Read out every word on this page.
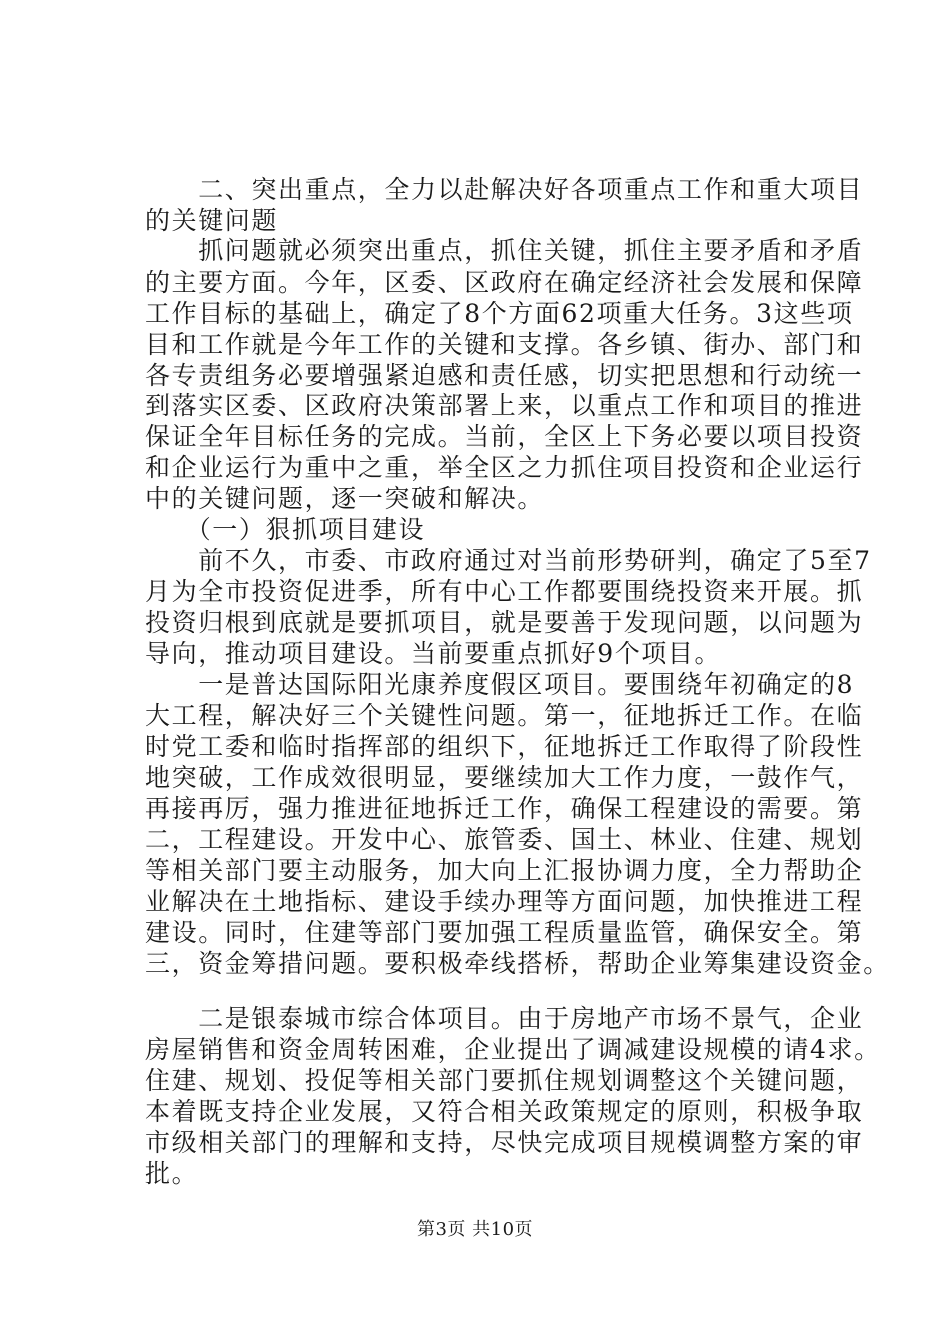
　　二、突出重点，全力以赴解决好各项重点工作和重大项目
的关键问题
　　抓问题就必须突出重点，抓住关键，抓住主要矛盾和矛盾
的主要方面。今年，区委、区政府在确定经济社会发展和保障
工作目标的基础上，确定了8个方面62项重大任务。3这些项
目和工作就是今年工作的关键和支撑。各乡镇、街办、部门和
各专责组务必要增强紧迫感和责任感，切实把思想和行动统一
到落实区委、区政府决策部署上来，以重点工作和项目的推进
保证全年目标任务的完成。当前，全区上下务必要以项目投资
和企业运行为重中之重，举全区之力抓住项目投资和企业运行
中的关键问题，逐一突破和解决。
　　（一）狠抓项目建设
　　前不久，市委、市政府通过对当前形势研判，确定了5至7
月为全市投资促进季，所有中心工作都要围绕投资来开展。抓
投资归根到底就是要抓项目，就是要善于发现问题，以问题为
导向，推动项目建设。当前要重点抓好9个项目。
　　一是普达国际阳光康养度假区项目。要围绕年初确定的8
大工程，解决好三个关键性问题。第一，征地拆迁工作。在临
时党工委和临时指挥部的组织下，征地拆迁工作取得了阶段性
地突破，工作成效很明显，要继续加大工作力度，一鼓作气，
再接再厉，强力推进征地拆迁工作，确保工程建设的需要。第
二，工程建设。开发中心、旅管委、国土、林业、住建、规划
等相关部门要主动服务，加大向上汇报协调力度，全力帮助企
业解决在土地指标、建设手续办理等方面问题，加快推进工程
建设。同时，住建等部门要加强工程质量监管，确保安全。第
三，资金筹措问题。要积极牵线搭桥，帮助企业筹集建设资金。
　　二是银泰城市综合体项目。由于房地产市场不景气，企业
房屋销售和资金周转困难，企业提出了调减建设规模的请4求。
住建、规划、投促等相关部门要抓住规划调整这个关键问题，
本着既支持企业发展，又符合相关政策规定的原则，积极争取
市级相关部门的理解和支持，尽快完成项目规模调整方案的审
批。
第3页 共10页
